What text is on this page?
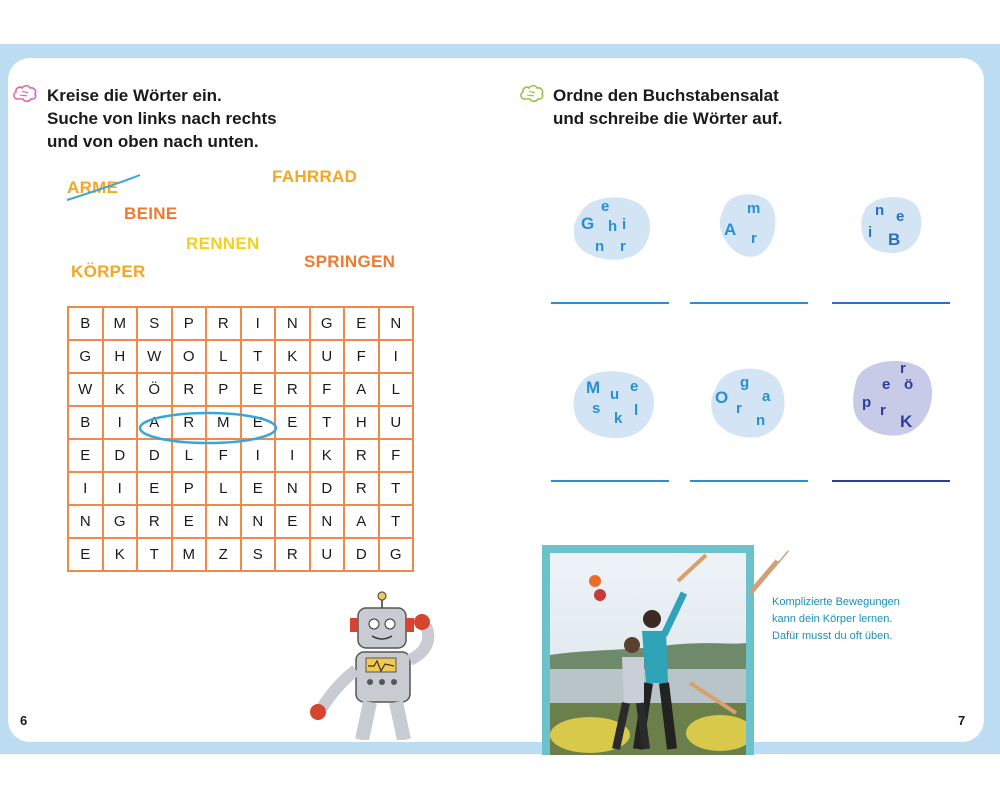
Kreise die Wörter ein.
Suche von links nach rechts
und von oben nach unten.
ARME
FAHRRAD
BEINE
RENNEN
KÖRPER
SPRINGEN
B	M	S	P	R	I	N	G	E	N
G	H	W	O	L	T	K	U	F	I
W	K	Ö	R	P	E	R	F	A	L
B	I	A	R	M	E	E	T	H	U
E	D	D	L	F	I	I	K	R	F
I	I	E	P	L	E	N	D	R	T
N	G	R	E	N	N	E	N	A	T
E	K	T	M	Z	S	R	U	D	G
6
Ordne den Buchstabensalat
und schreibe die Wörter auf.
G
e
h i
n r
m
A r
n e
i B
M u e
s
k l
O
g
a
r
n
r
e ö
p r
K
Komplizierte Bewegungen
kann dein Körper lernen.
Dafür musst du oft üben.
7
